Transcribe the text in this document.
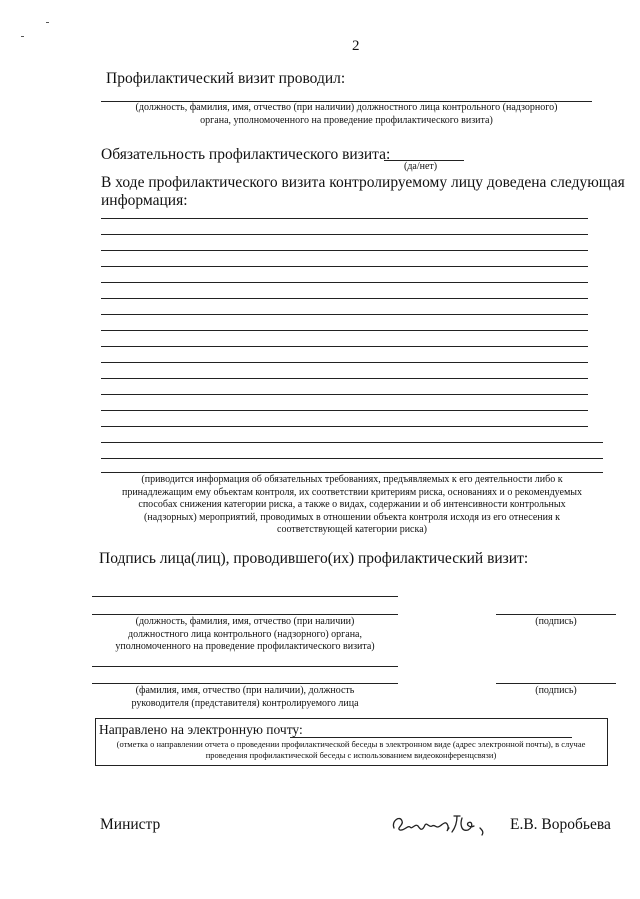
2
Профилактический визит проводил:
(должность, фамилия, имя, отчество (при наличии) должностного лица контрольного (надзорного)
органа, уполномоченного на проведение профилактического визита)
Обязательность профилактического визита:
(да/нет)
В ходе профилактического визита контролируемому лицу доведена следующая
информация:
(приводится информация об обязательных требованиях, предъявляемых к его деятельности либо к
принадлежащим ему объектам контроля, их соответствии критериям риска, основаниях и о рекомендуемых
способах снижения категории риска, а также о видах, содержании и об интенсивности контрольных
(надзорных) мероприятий, проводимых в отношении объекта контроля исходя из его отнесения к
соответствующей категории риска)
Подпись лица(лиц), проводившего(их) профилактический визит:
(должность, фамилия, имя, отчество (при наличии)
должностного лица контрольного (надзорного) органа,
уполномоченного на проведение профилактического визита)
(подпись)
(фамилия, имя, отчество (при наличии), должность
руководителя (представителя) контролируемого лица
(подпись)
Направлено на электронную почту:
(отметка о направлении отчета о проведении профилактической беседы в электронном виде (адрес электронной почты), в случае
проведения профилактической беседы с использованием видеоконференцсвязи)
Министр	Е.В. Воробьева
